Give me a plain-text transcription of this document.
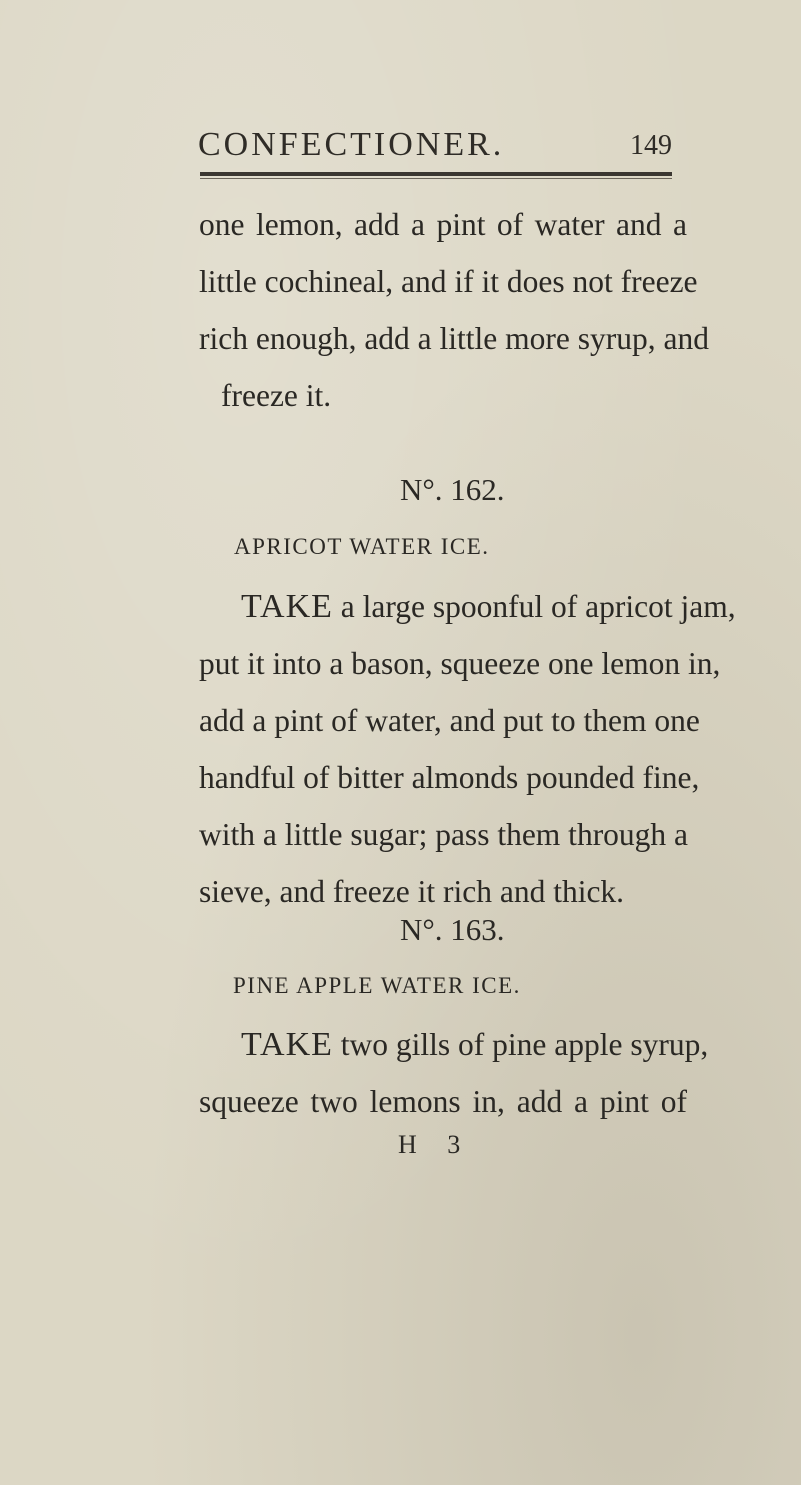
CONFECTIONER.	149
one lemon, add a pint of water and a
little cochineal, and if it does not freeze
rich enough, add a little more syrup, and
freeze it.
N°. 162.
APRICOT WATER ICE.
TAKE a large spoonful of apricot jam,
put it into a bason, squeeze one lemon in,
add a pint of water, and put to them one
handful of bitter almonds pounded fine,
with a little sugar; pass them through a
sieve, and freeze it rich and thick.
N°. 163.
PINE APPLE WATER ICE.
TAKE two gills of pine apple syrup,
squeeze two lemons in, add a pint of
H 3
